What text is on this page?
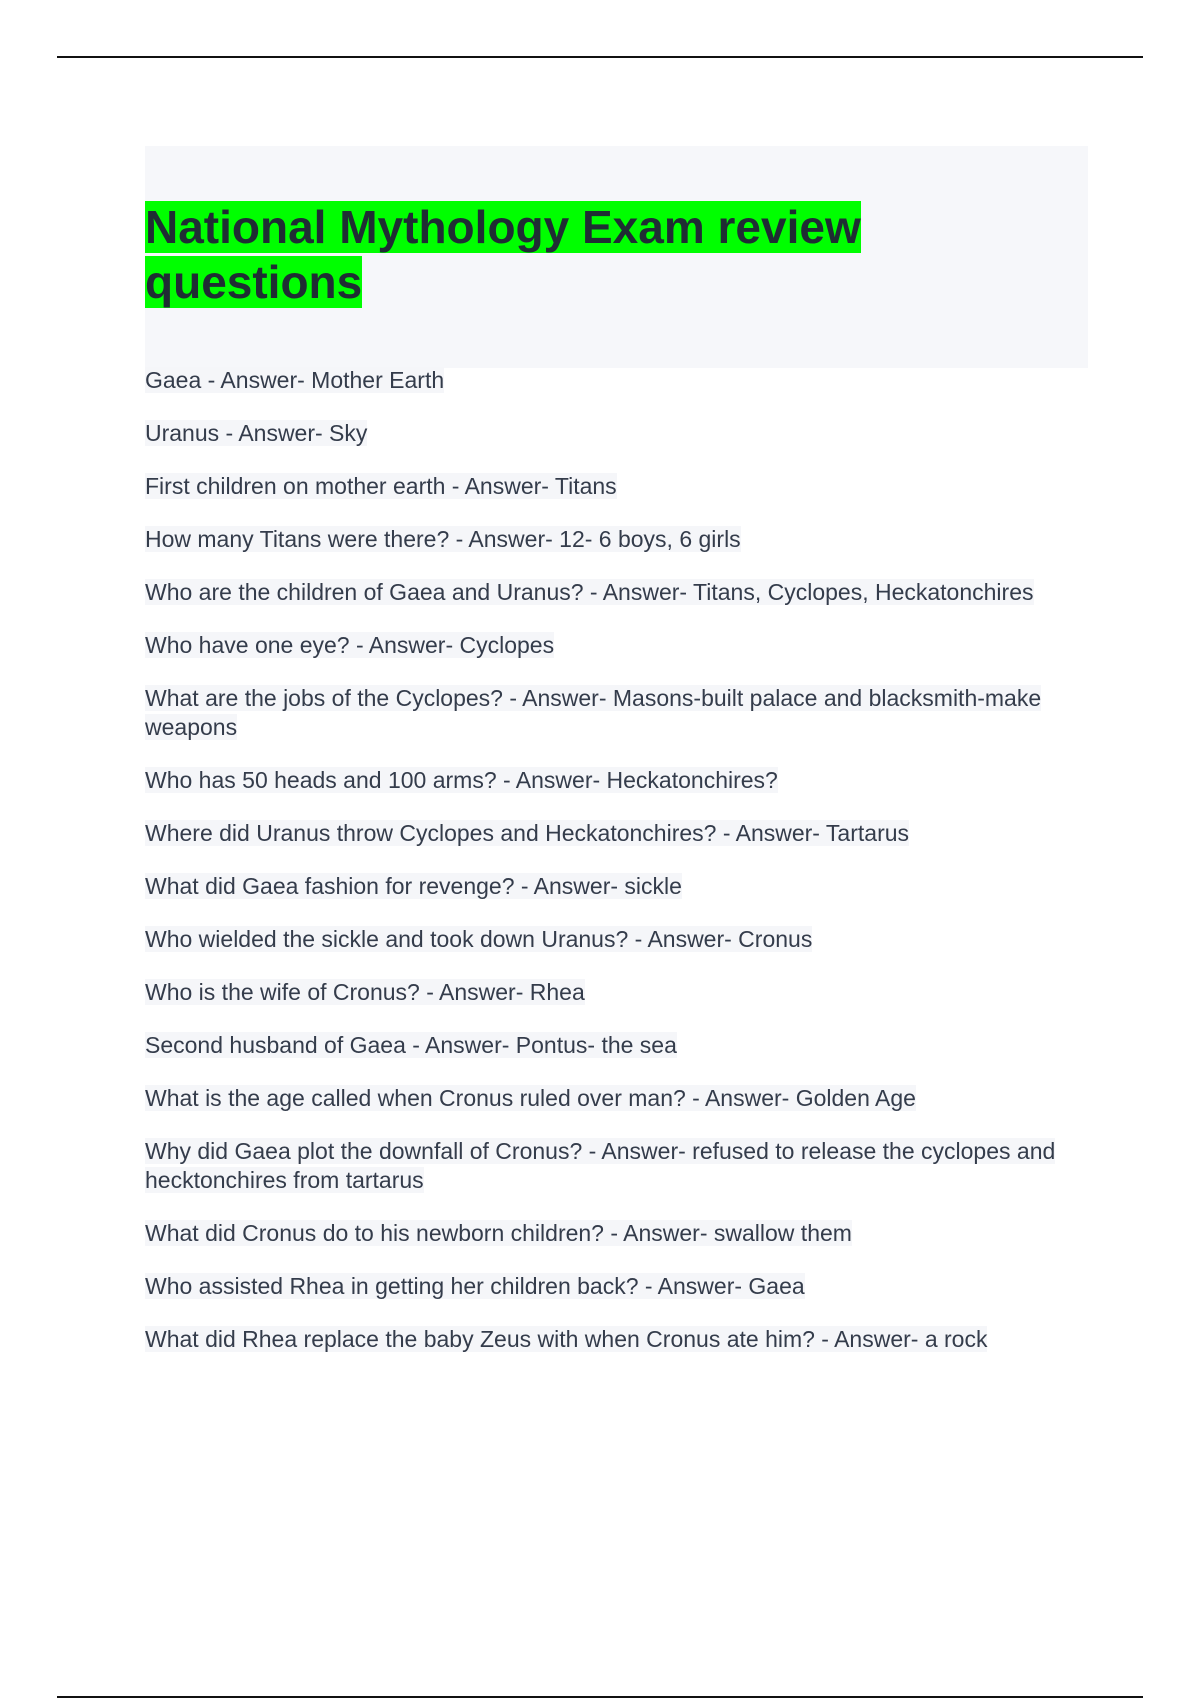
National Mythology Exam review questions
Gaea - Answer- Mother Earth
Uranus - Answer- Sky
First children on mother earth - Answer- Titans
How many Titans were there? - Answer- 12- 6 boys, 6 girls
Who are the children of Gaea and Uranus? - Answer- Titans, Cyclopes, Heckatonchires
Who have one eye? - Answer- Cyclopes
What are the jobs of the Cyclopes? - Answer- Masons-built palace and blacksmith-make weapons
Who has 50 heads and 100 arms? - Answer- Heckatonchires?
Where did Uranus throw Cyclopes and Heckatonchires? - Answer- Tartarus
What did Gaea fashion for revenge? - Answer- sickle
Who wielded the sickle and took down Uranus? - Answer- Cronus
Who is the wife of Cronus? - Answer- Rhea
Second husband of Gaea - Answer- Pontus- the sea
What is the age called when Cronus ruled over man? - Answer- Golden Age
Why did Gaea plot the downfall of Cronus? - Answer- refused to release the cyclopes and hecktonchires from tartarus
What did Cronus do to his newborn children? - Answer- swallow them
Who assisted Rhea in getting her children back? - Answer- Gaea
What did Rhea replace the baby Zeus with when Cronus ate him? - Answer- a rock
